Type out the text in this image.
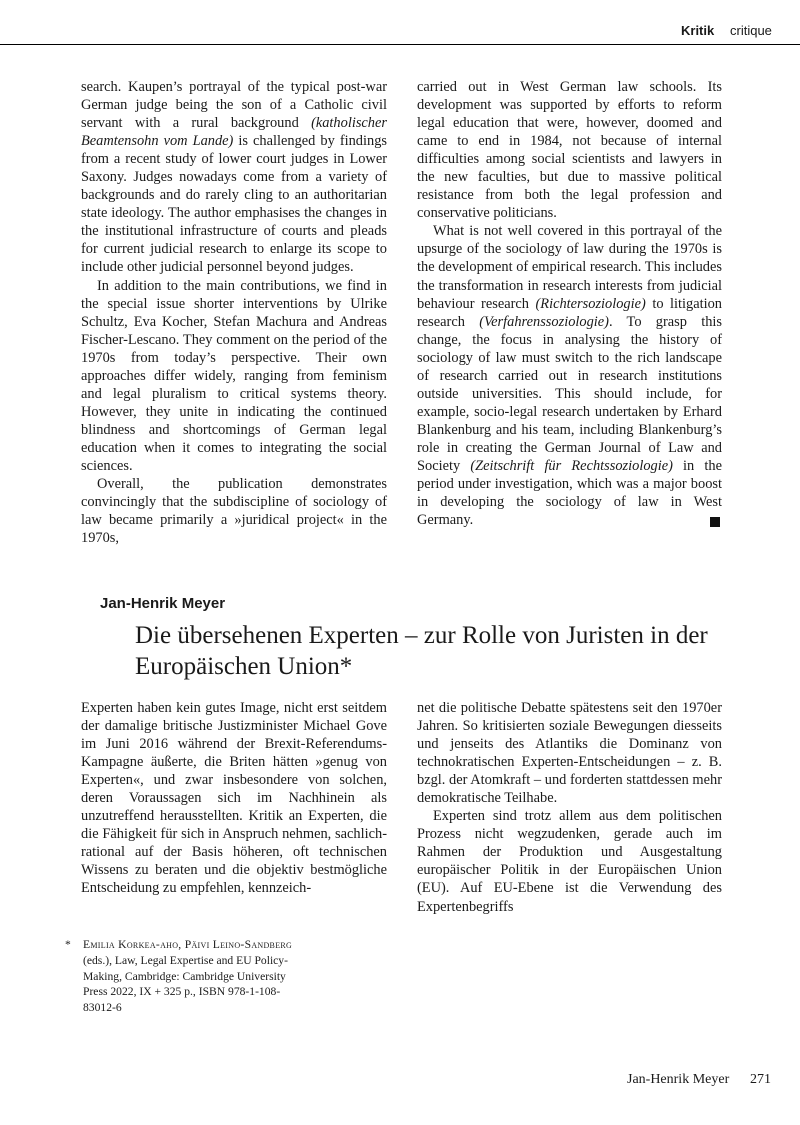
Kritik critique

search. Kaupen’s portrayal of the typical post-war German judge being the son of a Catholic civil servant with a rural background (katholischer Beamtensohn vom Lande) is challenged by findings from a recent study of lower court judges in Lower Saxony. Judges nowadays come from a variety of backgrounds and do rarely cling to an authoritarian state ideology. The author emphasises the changes in the institutional infrastructure of courts and pleads for current judicial research to enlarge its scope to include other judicial personnel beyond judges.

In addition to the main contributions, we find in the special issue shorter interventions by Ulrike Schultz, Eva Kocher, Stefan Machura and Andreas Fischer-Lescano. They comment on the period of the 1970s from today’s perspective. Their own approaches differ widely, ranging from feminism and legal pluralism to critical systems theory. However, they unite in indicating the continued blindness and shortcomings of German legal education when it comes to integrating the social sciences.

Overall, the publication demonstrates convincingly that the subdiscipline of sociology of law became primarily a »juridical project« in the 1970s,

carried out in West German law schools. Its development was supported by efforts to reform legal education that were, however, doomed and came to end in 1984, not because of internal difficulties among social scientists and lawyers in the new faculties, but due to massive political resistance from both the legal profession and conservative politicians.

What is not well covered in this portrayal of the upsurge of the sociology of law during the 1970s is the development of empirical research. This includes the transformation in research interests from judicial behaviour research (Richtersoziologie) to litigation research (Verfahrenssoziologie). To grasp this change, the focus in analysing the history of sociology of law must switch to the rich landscape of research carried out in research institutions outside universities. This should include, for example, socio-legal research undertaken by Erhard Blankenburg and his team, including Blankenburg’s role in creating the German Journal of Law and Society (Zeitschrift für Rechtssoziologie) in the period under investigation, which was a major boost in developing the sociology of law in West Germany.

Jan-Henrik Meyer
Die übersehenen Experten – zur Rolle von Juristen in der Europäischen Union*

Experten haben kein gutes Image, nicht erst seitdem der damalige britische Justizminister Michael Gove im Juni 2016 während der Brexit-Referendums-Kampagne äußerte, die Briten hätten »genug von Experten«, und zwar insbesondere von solchen, deren Voraussagen sich im Nachhinein als unzutreffend herausstellten. Kritik an Experten, die die Fähigkeit für sich in Anspruch nehmen, sachlich-rational auf der Basis höheren, oft technischen Wissens zu beraten und die objektiv bestmögliche Entscheidung zu empfehlen, kennzeich-

net die politische Debatte spätestens seit den 1970er Jahren. So kritisierten soziale Bewegungen diesseits und jenseits des Atlantiks die Dominanz von technokratischen Experten-Entscheidungen – z. B. bzgl. der Atomkraft – und forderten stattdessen mehr demokratische Teilhabe.

Experten sind trotz allem aus dem politischen Prozess nicht wegzudenken, gerade auch im Rahmen der Produktion und Ausgestaltung europäischer Politik in der Europäischen Union (EU). Auf EU-Ebene ist die Verwendung des Expertenbegriffs

* Emilia Korkea-aho, Päivi Leino-Sandberg (eds.), Law, Legal Expertise and EU Policy-Making, Cambridge: Cambridge University Press 2022, IX + 325 p., ISBN 978-1-108-83012-6
Jan-Henrik Meyer 271
